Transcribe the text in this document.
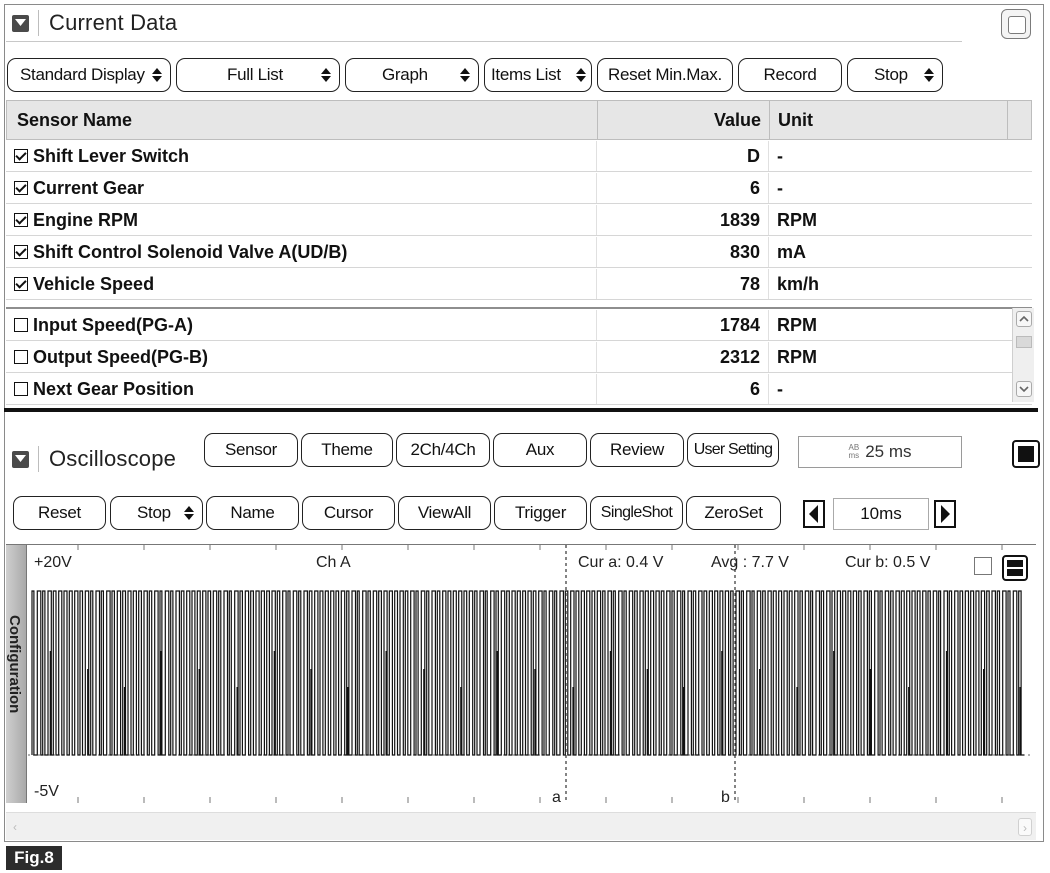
Current Data
Standard Display	Full List	Graph	Items List	Reset Min.Max.	Record	Stop
Sensor Name	Value Unit
Shift Lever Switch	D -
Current Gear	6 -
Engine RPM	1839 RPM
Shift Control Solenoid Valve A(UD/B)	830 mA
Vehicle Speed	78 km/h
Input Speed(PG-A)	1784 RPM
Output Speed(PG-B)	2312 RPM
Next Gear Position	6 -
Oscilloscope	Sensor	Theme	2Ch/4Ch	Aux	Review	User Setting	AB
ms 25 ms
Reset	Stop	Name	Cursor	ViewAll	Trigger	SingleShot	ZeroSet	10ms
Configuration
+20V	Ch A	Cur a: 0.4 V	Avg : 7.7 V	Cur b: 0.5 V
-5V	a	b
‹	›
Fig.8
